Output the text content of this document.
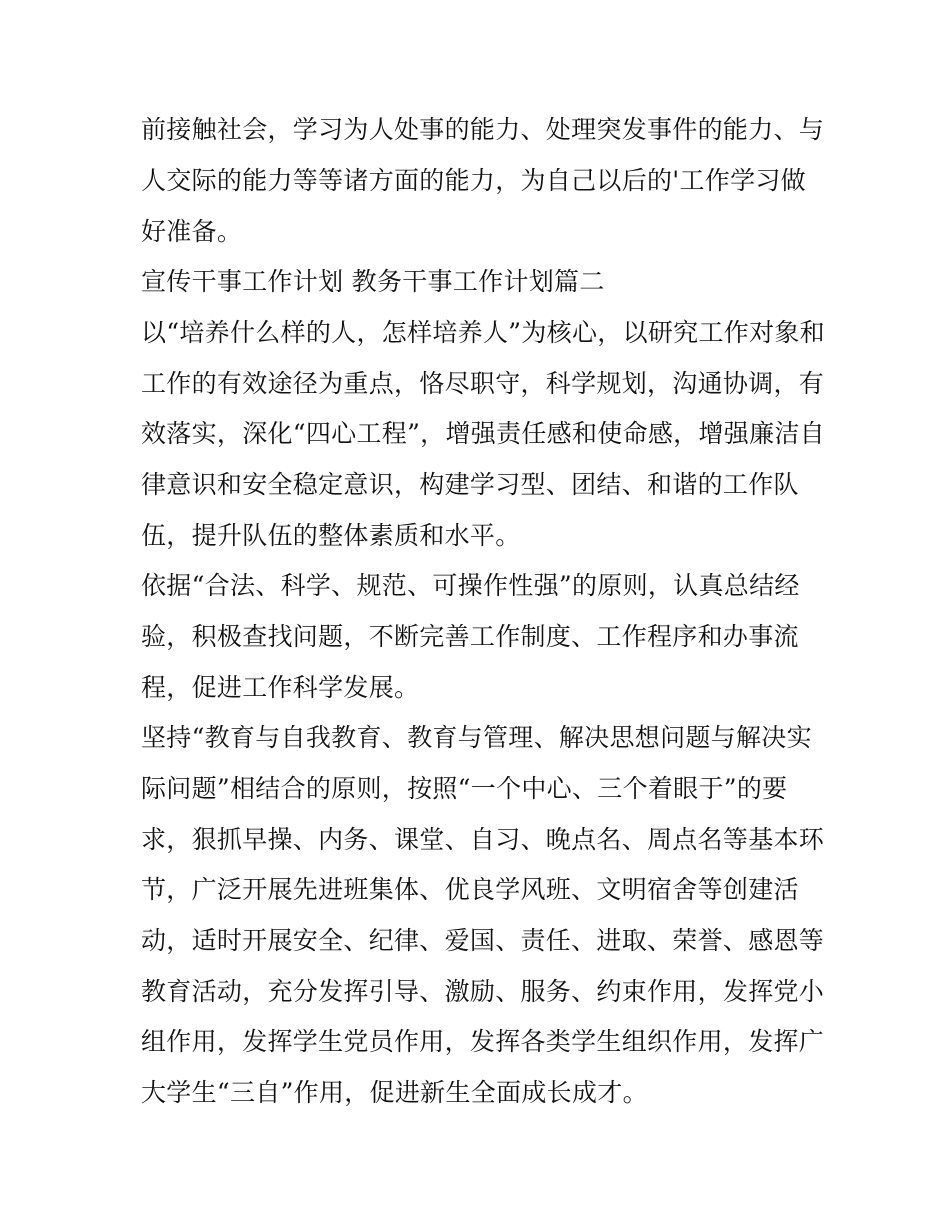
前接触社会，学习为人处事的能力、处理突发事件的能力、与
人交际的能力等等诸方面的能力，为自己以后的'工作学习做
好准备。
宣传干事工作计划 教务干事工作计划篇二
以“培养什么样的人，怎样培养人”为核心，以研究工作对象和
工作的有效途径为重点，恪尽职守，科学规划，沟通协调，有
效落实，深化“四心工程”，增强责任感和使命感，增强廉洁自
律意识和安全稳定意识，构建学习型、团结、和谐的工作队
伍，提升队伍的整体素质和水平。
依据“合法、科学、规范、可操作性强”的原则，认真总结经
验，积极查找问题，不断完善工作制度、工作程序和办事流
程，促进工作科学发展。
坚持“教育与自我教育、教育与管理、解决思想问题与解决实
际问题”相结合的原则，按照“一个中心、三个着眼于”的要
求，狠抓早操、内务、课堂、自习、晚点名、周点名等基本环
节，广泛开展先进班集体、优良学风班、文明宿舍等创建活
动，适时开展安全、纪律、爱国、责任、进取、荣誉、感恩等
教育活动，充分发挥引导、激励、服务、约束作用，发挥党小
组作用，发挥学生党员作用，发挥各类学生组织作用，发挥广
大学生“三自”作用，促进新生全面成长成才。
